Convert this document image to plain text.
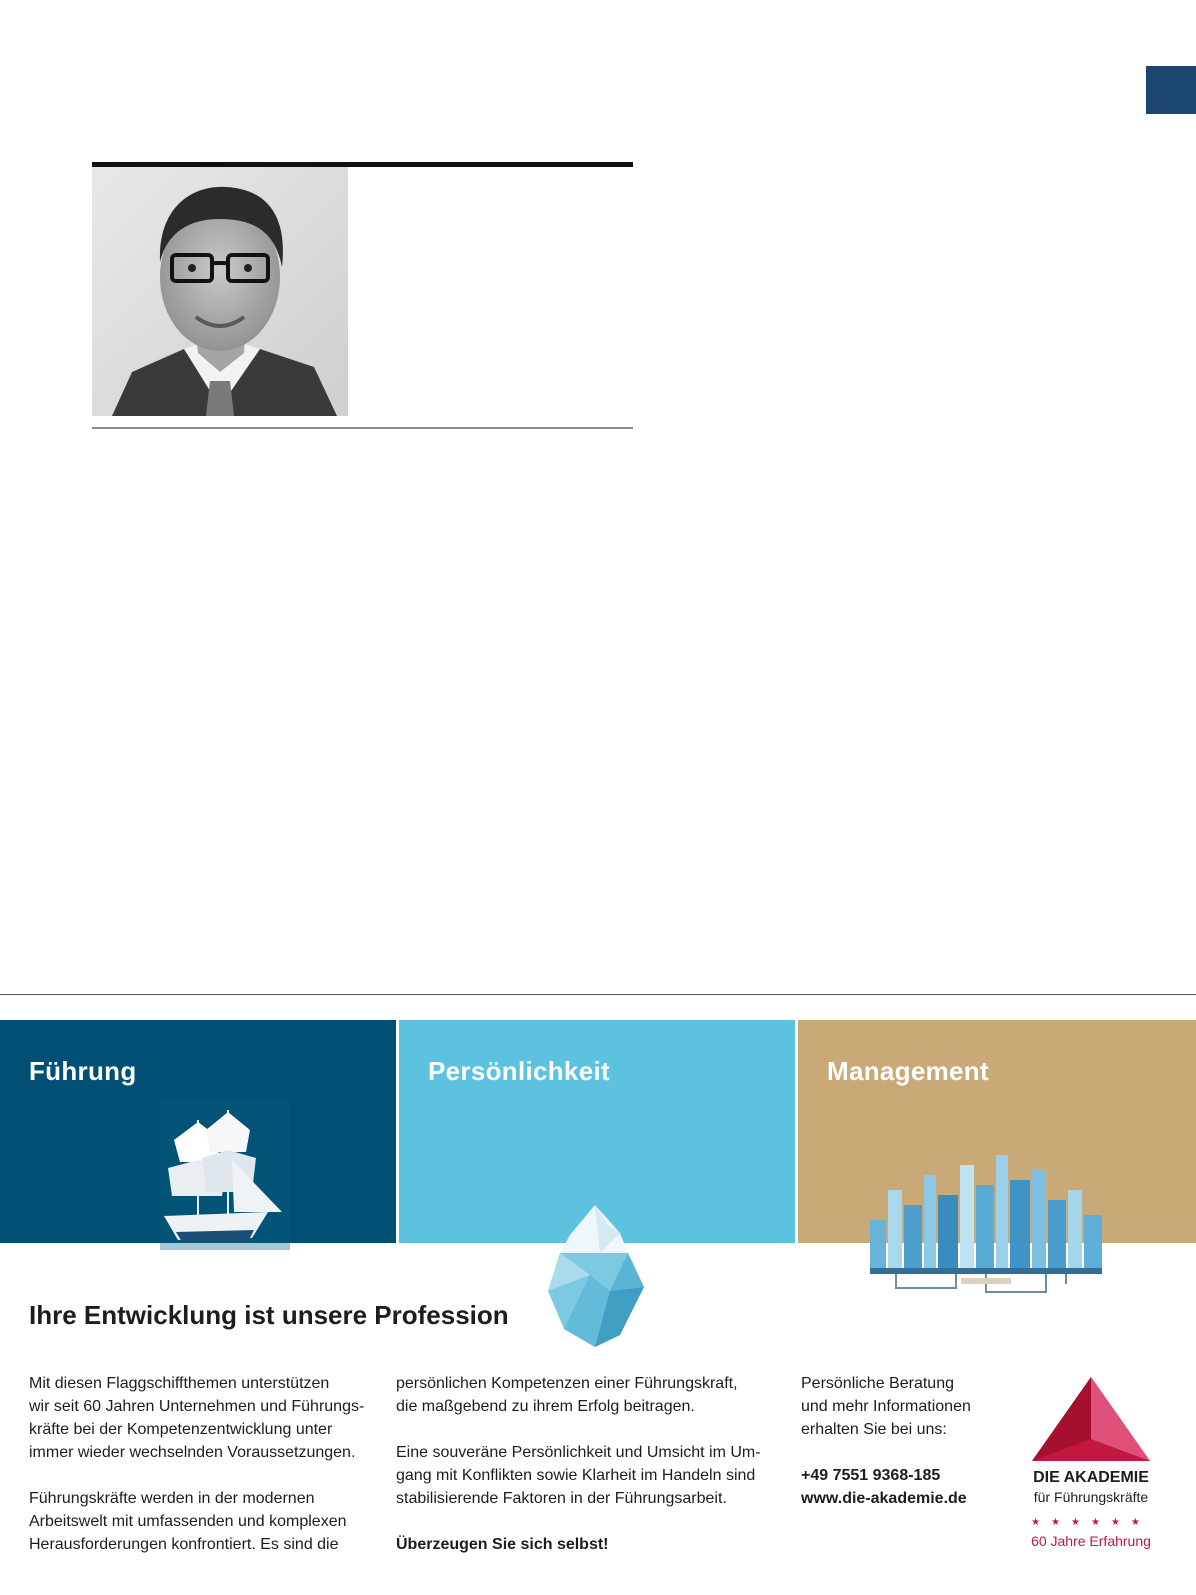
Führung	Persönlichkeit	Management
Ihre Entwicklung ist unsere Profession

Mit diesen Flaggschiffthemen unterstützen
wir seit 60 Jahren Unternehmen und Führungs-
kräfte bei der Kompetenzentwicklung unter
immer wieder wechselnden Voraussetzungen.

Führungskräfte werden in der modernen
Arbeitswelt mit umfassenden und komplexen
Herausforderungen konfrontiert. Es sind die

persönlichen Kompetenzen einer Führungskraft,
die maßgebend zu ihrem Erfolg beitragen.

Eine souveräne Persönlichkeit und Umsicht im Um-
gang mit Konflikten sowie Klarheit im Handeln sind
stabilisierende Faktoren in der Führungsarbeit.

Überzeugen Sie sich selbst!

Persönliche Beratung
und mehr Informationen
erhalten Sie bei uns:

+49 7551 9368-185
www.die-akademie.de

DIE AKADEMIE
für Führungskräfte
★★★★★★
60 Jahre Erfahrung
